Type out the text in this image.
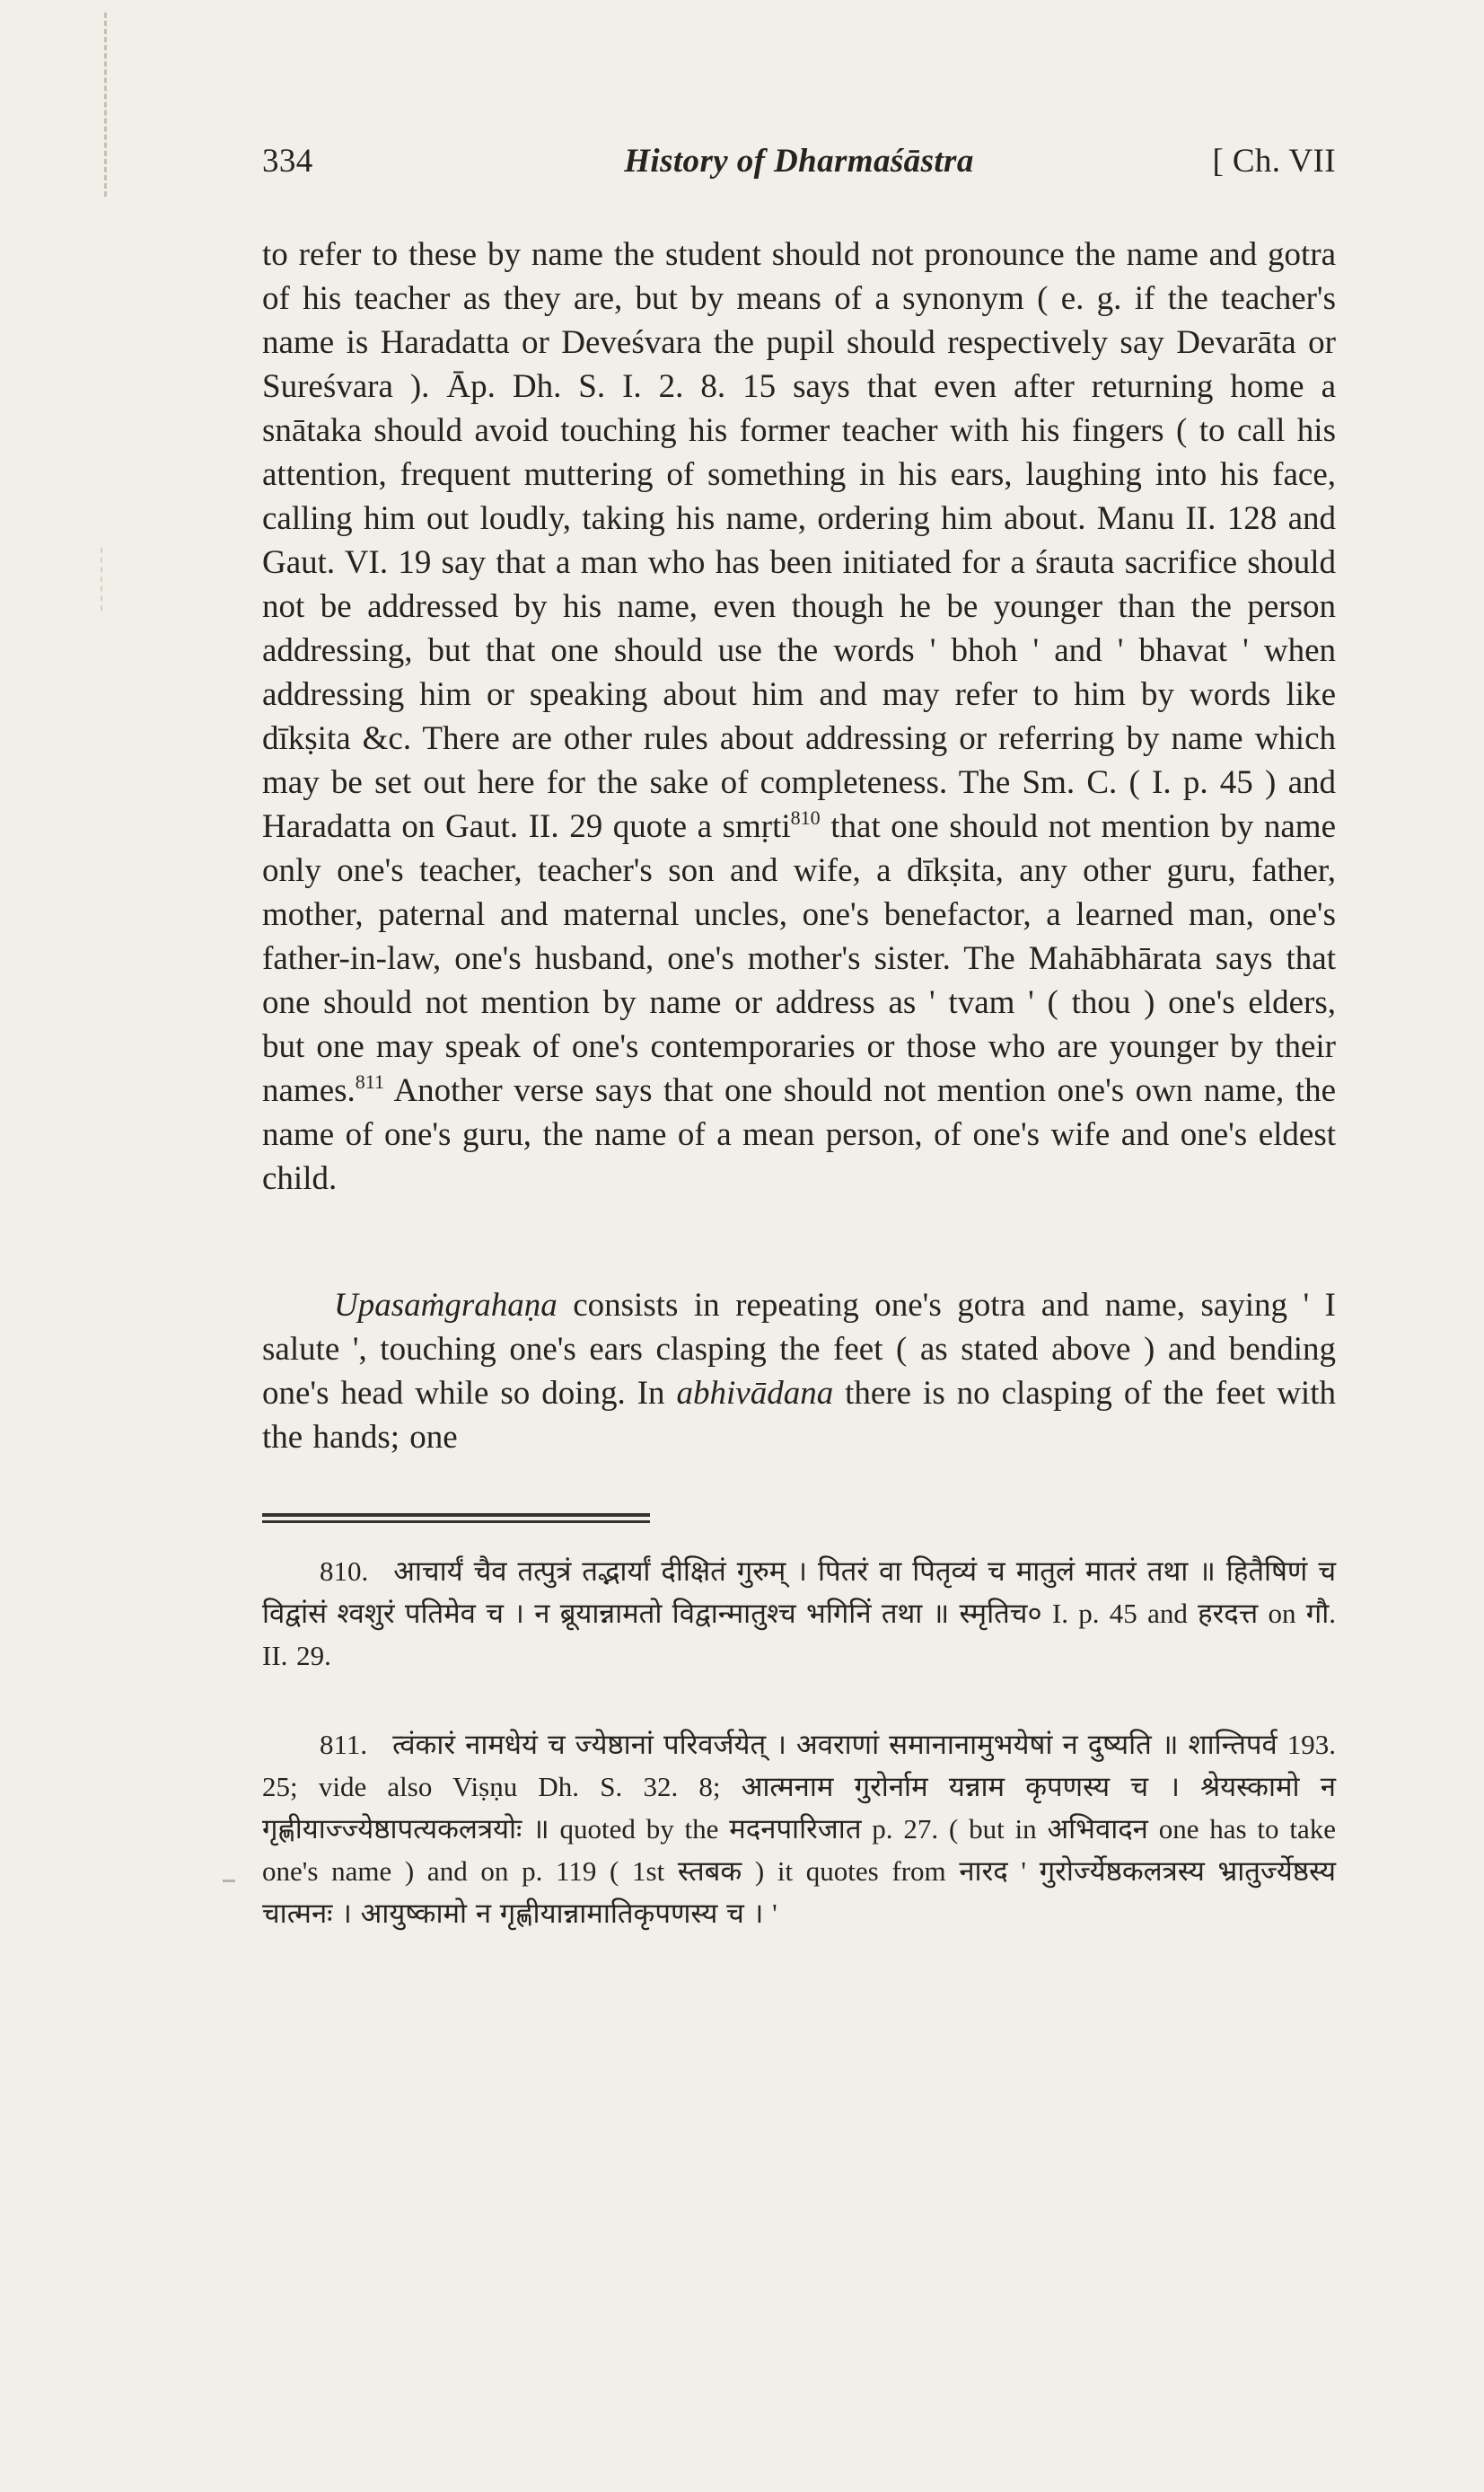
334	History of Dharmaśāstra	[ Ch. VII

to refer to these by name the student should not pronounce the name and gotra of his teacher as they are, but by means of a synonym ( e. g. if the teacher's name is Haradatta or Deveśvara the pupil should respectively say Devarāta or Sureśvara ). Āp. Dh. S. I. 2. 8. 15 says that even after returning home a snātaka should avoid touching his former teacher with his fingers ( to call his attention, frequent muttering of something in his ears, laughing into his face, calling him out loudly, taking his name, ordering him about. Manu II. 128 and Gaut. VI. 19 say that a man who has been initiated for a śrauta sacrifice should not be addressed by his name, even though he be younger than the person addressing, but that one should use the words ' bhoh ' and ' bhavat ' when addressing him or speaking about him and may refer to him by words like dīkṣita &c. There are other rules about addressing or referring by name which may be set out here for the sake of completeness. The Sm. C. ( I. p. 45 ) and Haradatta on Gaut. II. 29 quote a smṛti$^{810}$ that one should not mention by name only one's teacher, teacher's son and wife, a dīkṣita, any other guru, father, mother, paternal and maternal uncles, one's benefactor, a learned man, one's father-in-law, one's husband, one's mother's sister. The Mahābhārata says that one should not mention by name or address as ' tvam ' ( thou ) one's elders, but one may speak of one's contemporaries or those who are younger by their names.$^{811}$ Another verse says that one should not mention one's own name, the name of one's guru, the name of a mean person, of one's wife and one's eldest child.

Upasaṁgrahaṇa consists in repeating one's gotra and name, saying ' I salute ', touching one's ears clasping the feet ( as stated above ) and bending one's head while so doing. In abhivādana there is no clasping of the feet with the hands; one

810. आचार्यं चैव तत्पुत्रं तद्भार्यां दीक्षितं गुरुम् । पितरं वा पितृव्यं च मातुलं मातरं तथा ॥ हितैषिणं च विद्वांसं श्वशुरं पतिमेव च । न ब्रूयान्नामतो विद्वान्मातुश्च भगिनिं तथा ॥ स्मृतिच० I. p. 45 and हरदत्त on गौ. II. 29.

811. त्वंकारं नामधेयं च ज्येष्ठानां परिवर्जयेत् । अवराणां समानानामुभयेषां न दुष्यति ॥ शान्तिपर्व 193. 25; vide also Viṣṇu Dh. S. 32. 8; आत्मनाम गुरोर्नाम यन्नाम कृपणस्य च । श्रेयस्कामो न गृह्णीयाज्ज्येष्ठापत्यकलत्रयोः ॥ quoted by the मदनपारिजात p. 27. ( but in अभिवादन one has to take one's name ) and on p. 119 ( 1st स्तबक ) it quotes from नारद ' गुरोर्ज्येष्ठकलत्रस्य भ्रातुर्ज्येष्ठस्य चात्मनः । आयुष्कामो न गृह्णीयान्नामातिकृपणस्य च । '
